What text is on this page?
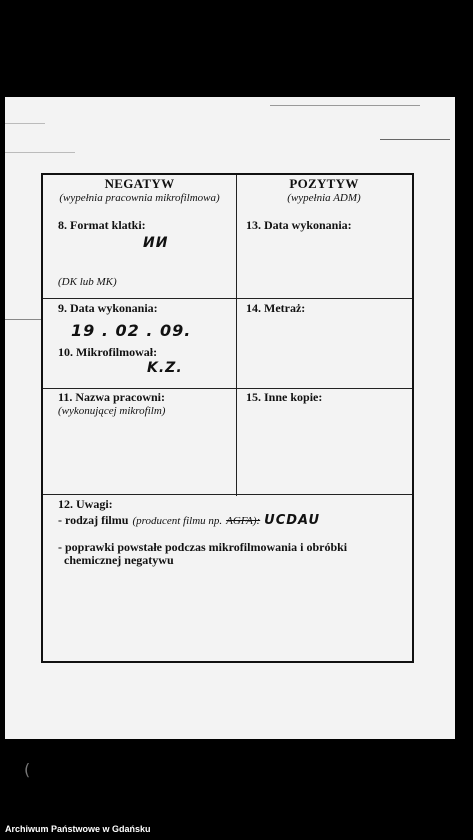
NEGATYW
(wypełnia pracownia mikrofilmowa)
POZYTYW
(wypełnia ADM)
8. Format klatki:
ИИ
(DK lub MK)
13. Data wykonania:
9. Data wykonania:
19 . 02 . 09.
10. Mikrofilmował:
K.Z.
14. Metraż:
11. Nazwa pracowni:
(wykonującej mikrofilm)
15. Inne kopie:
12. Uwagi:
- rodzaj filmu (producent filmu np. AGFA): UCDAU
- poprawki powstałe podczas mikrofilmowania i obróbki
chemicznej negatywu
(
Archiwum Państwowe w Gdańsku
